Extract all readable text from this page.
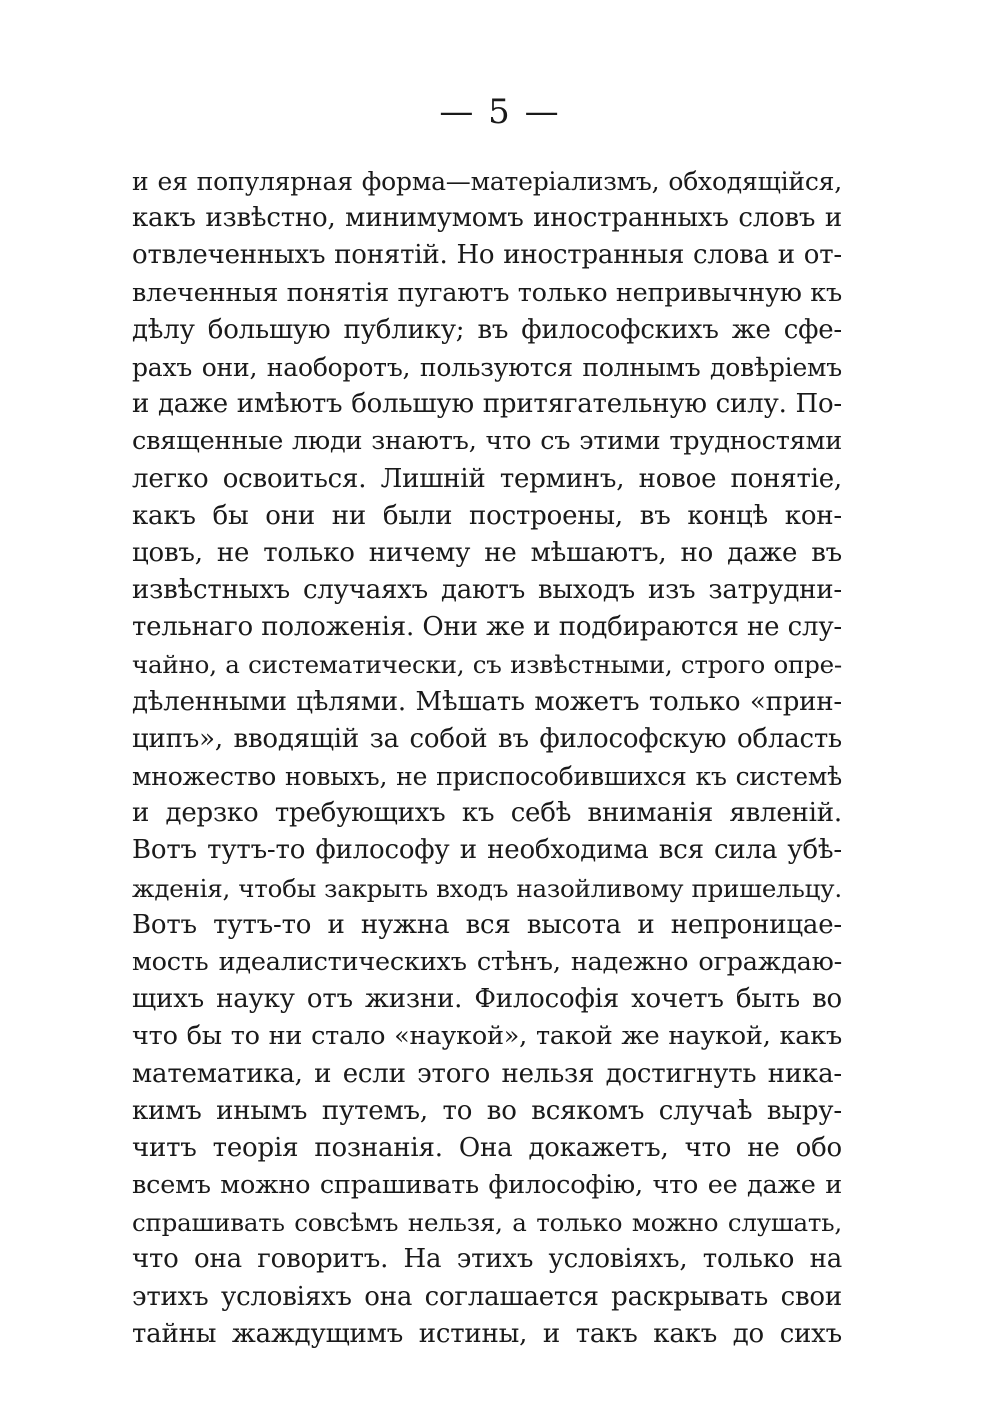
— 5 —
и ея популярная форма—матеріализмъ, обходящійся,
какъ извѣстно, минимумомъ иностранныхъ словъ и
отвлеченныхъ понятій. Но иностранныя слова и от-
влеченныя понятія пугаютъ только непривычную къ
дѣлу большую публику; въ философскихъ же сфе-
рахъ они, наоборотъ, пользуются полнымъ довѣріемъ
и даже имѣютъ большую притягательную силу. По-
священные люди знаютъ, что съ этими трудностями
легко освоиться. Лишній терминъ, новое понятіе,
какъ бы они ни были построены, въ концѣ кон-
цовъ, не только ничему не мѣшаютъ, но даже въ
извѣстныхъ случаяхъ даютъ выходъ изъ затрудни-
тельнаго положенія. Они же и подбираются не слу-
чайно, а систематически, съ извѣстными, строго опре-
дѣленными цѣлями. Мѣшать можетъ только «прин-
ципъ», вводящій за собой въ философскую область
множество новыхъ, не приспособившихся къ системѣ
и дерзко требующихъ къ себѣ вниманія явленій.
Вотъ тутъ-то философу и необходима вся сила убѣ-
жденія, чтобы закрыть входъ назойливому пришельцу.
Вотъ тутъ-то и нужна вся высота и непроницае-
мость идеалистическихъ стѣнъ, надежно ограждаю-
щихъ науку отъ жизни. Философія хочетъ быть во
что бы то ни стало «наукой», такой же наукой, какъ
математика, и если этого нельзя достигнуть ника-
кимъ инымъ путемъ, то во всякомъ случаѣ выру-
читъ теорія познанія. Она докажетъ, что не обо
всемъ можно спрашивать философію, что ее даже и
спрашивать совсѣмъ нельзя, а только можно слушать,
что она говоритъ. На этихъ условіяхъ, только на
этихъ условіяхъ она соглашается раскрывать свои
тайны жаждущимъ истины, и такъ какъ до сихъ
